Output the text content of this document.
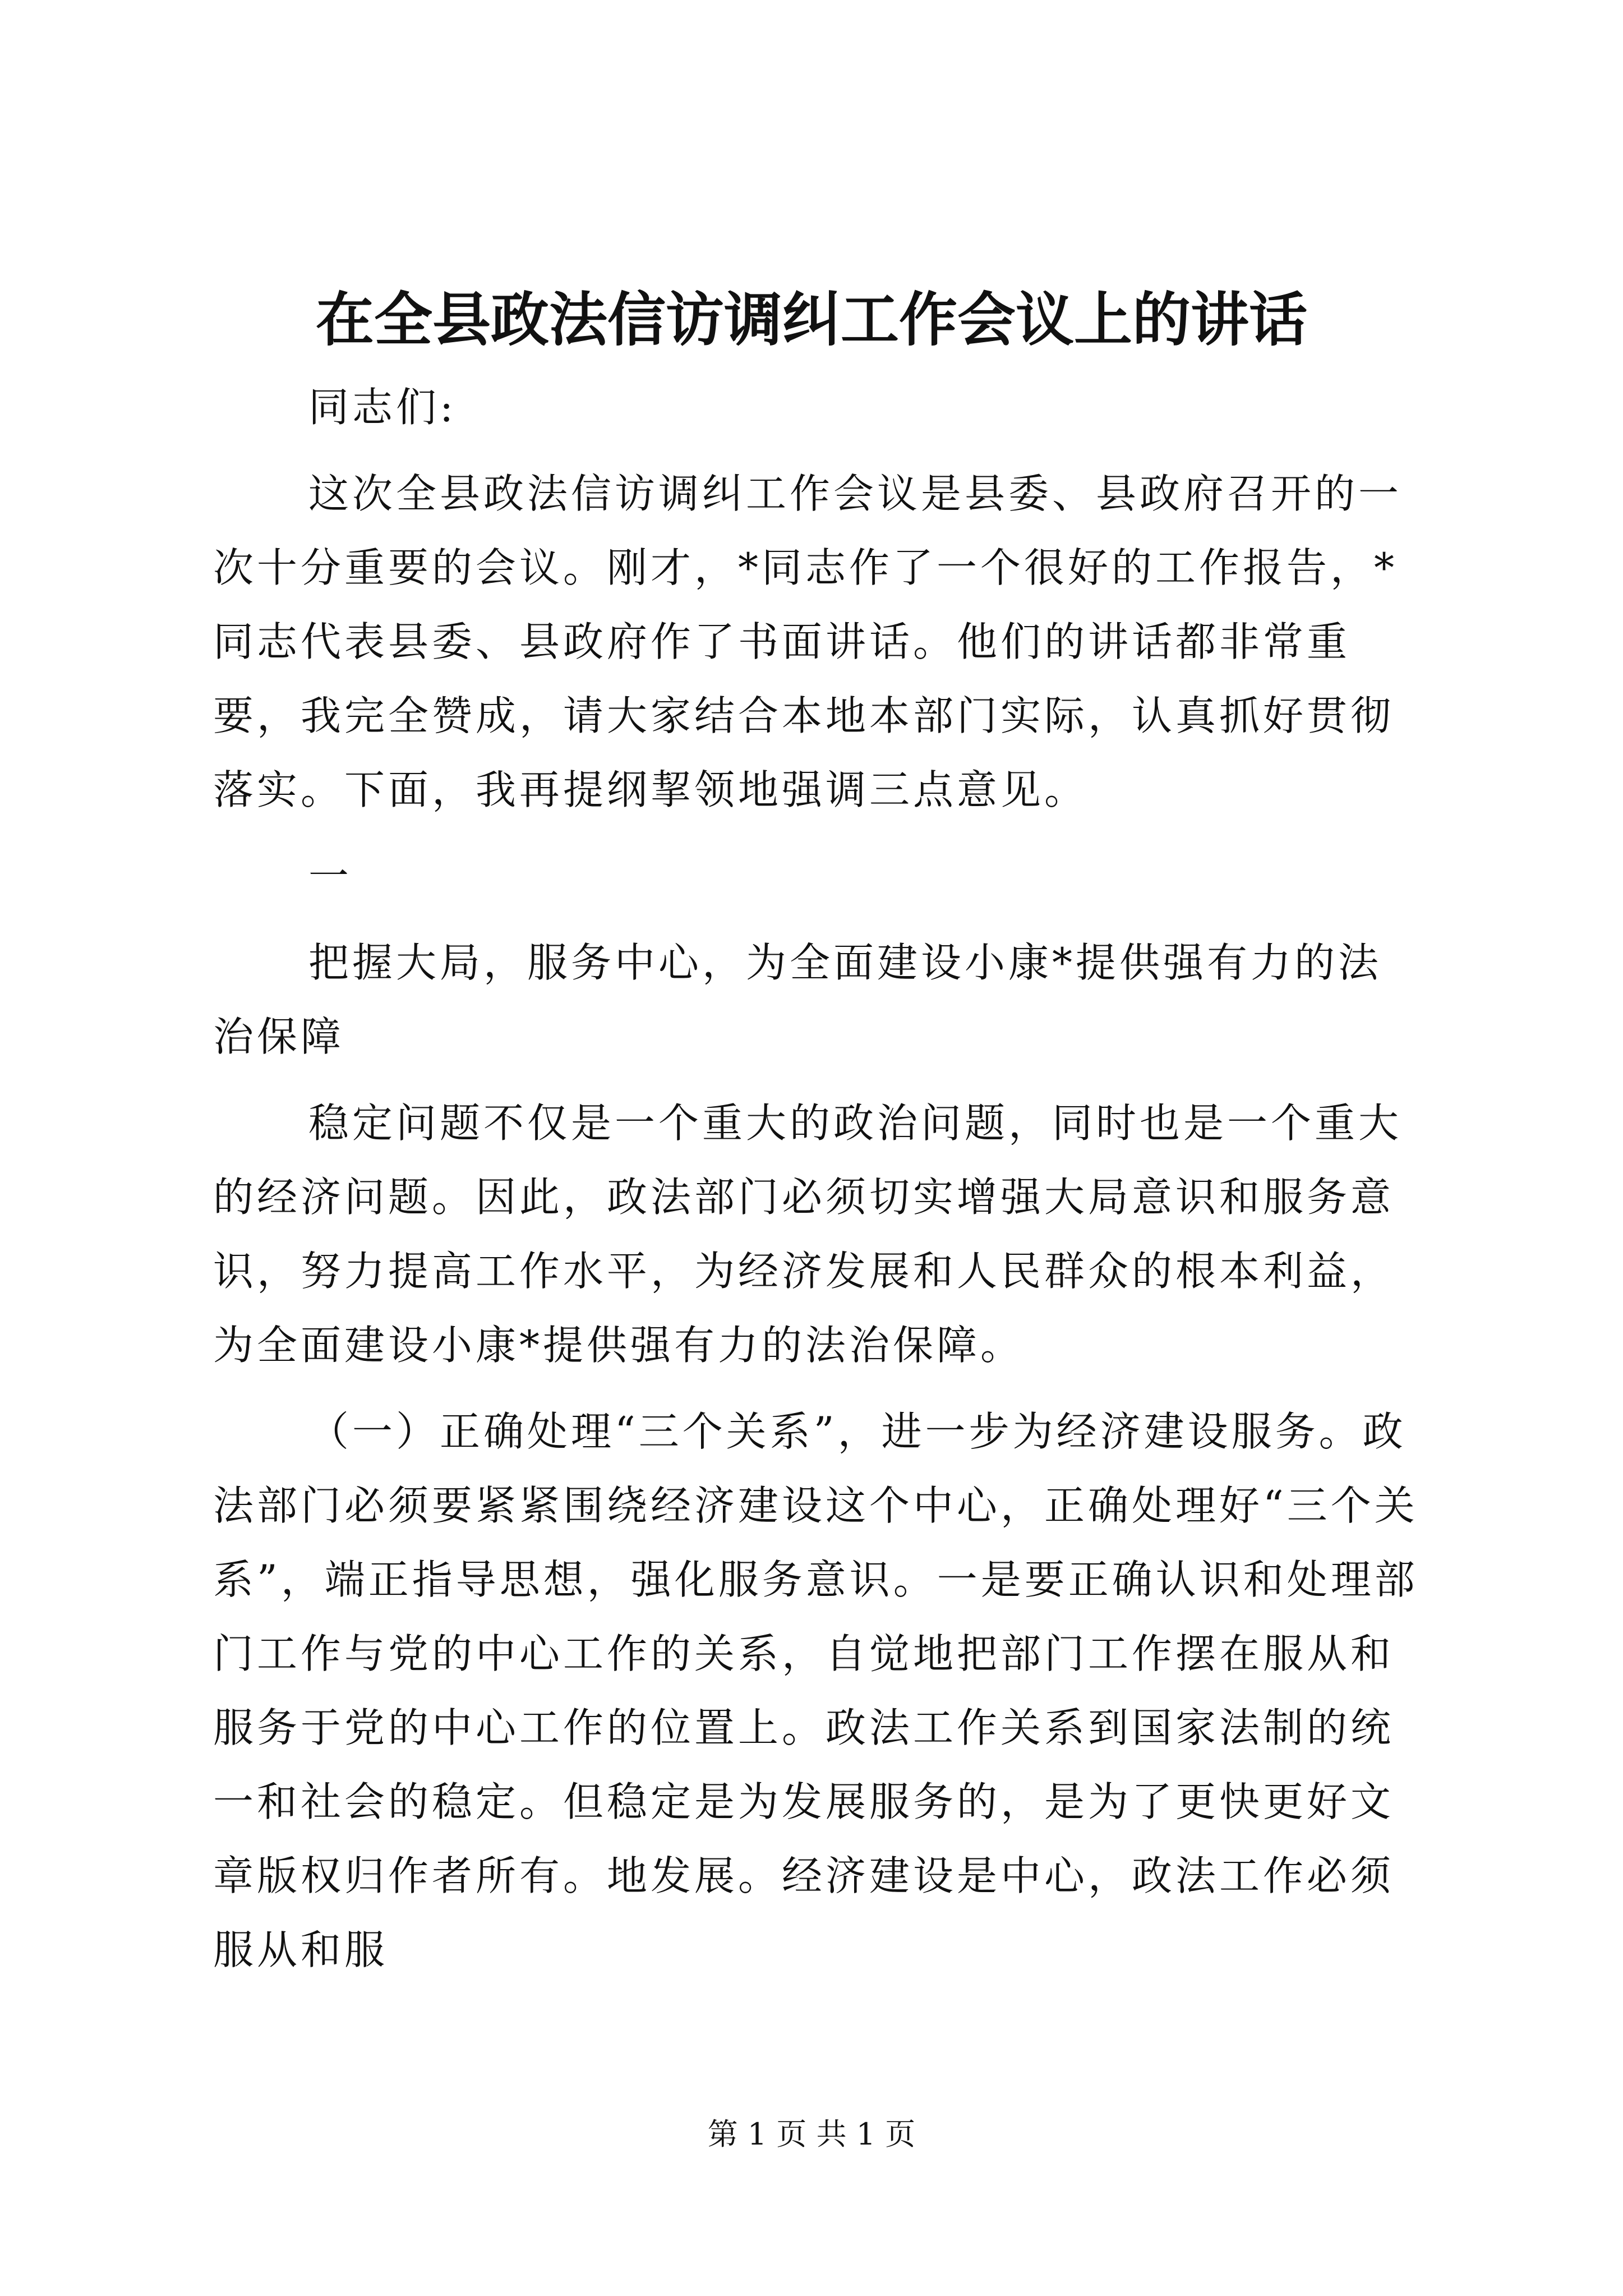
在全县政法信访调纠工作会议上的讲话

同志们:

这次全县政法信访调纠工作会议是县委、县政府召开的一次十分重要的会议。刚才，*同志作了一个很好的工作报告，*同志代表县委、县政府作了书面讲话。他们的讲话都非常重要，我完全赞成，请大家结合本地本部门实际，认真抓好贯彻落实。下面，我再提纲挈领地强调三点意见。

一

把握大局，服务中心，为全面建设小康*提供强有力的法治保障

稳定问题不仅是一个重大的政治问题，同时也是一个重大的经济问题。因此，政法部门必须切实增强大局意识和服务意识，努力提高工作水平，为经济发展和人民群众的根本利益，为全面建设小康*提供强有力的法治保障。

（一）正确处理“三个关系”，进一步为经济建设服务。政法部门必须要紧紧围绕经济建设这个中心，正确处理好“三个关系”，端正指导思想，强化服务意识。一是要正确认识和处理部门工作与党的中心工作的关系，自觉地把部门工作摆在服从和服务于党的中心工作的位置上。政法工作关系到国家法制的统一和社会的稳定。但稳定是为发展服务的，是为了更快更好文章版权归作者所有。地发展。经济建设是中心，政法工作必须服从和服

第 1 页 共 1 页
